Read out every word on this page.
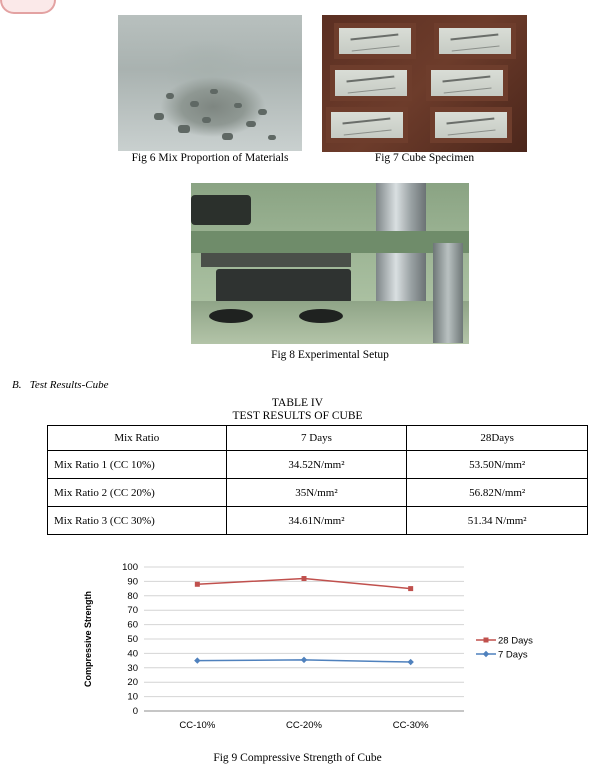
Fig 6 Mix Proportion of Materials	Fig 7 Cube Specimen
Fig 8 Experimental Setup
B.   Test Results-Cube
TABLE IV
TEST RESULTS OF CUBE
Mix Ratio	7 Days	28Days
Mix Ratio 1 (CC 10%)	34.52N/mm²	53.50N/mm²
Mix Ratio 2 (CC 20%)	35N/mm²	56.82N/mm²
Mix Ratio 3 (CC 30%)	34.61N/mm²	51.34 N/mm²
0
10
20
30
40
50
60
70
80
90
100
CC-10%	CC-20%	CC-30%
28 Days
7 Days
Compressive Strength
Fig 9 Compressive Strength of Cube
